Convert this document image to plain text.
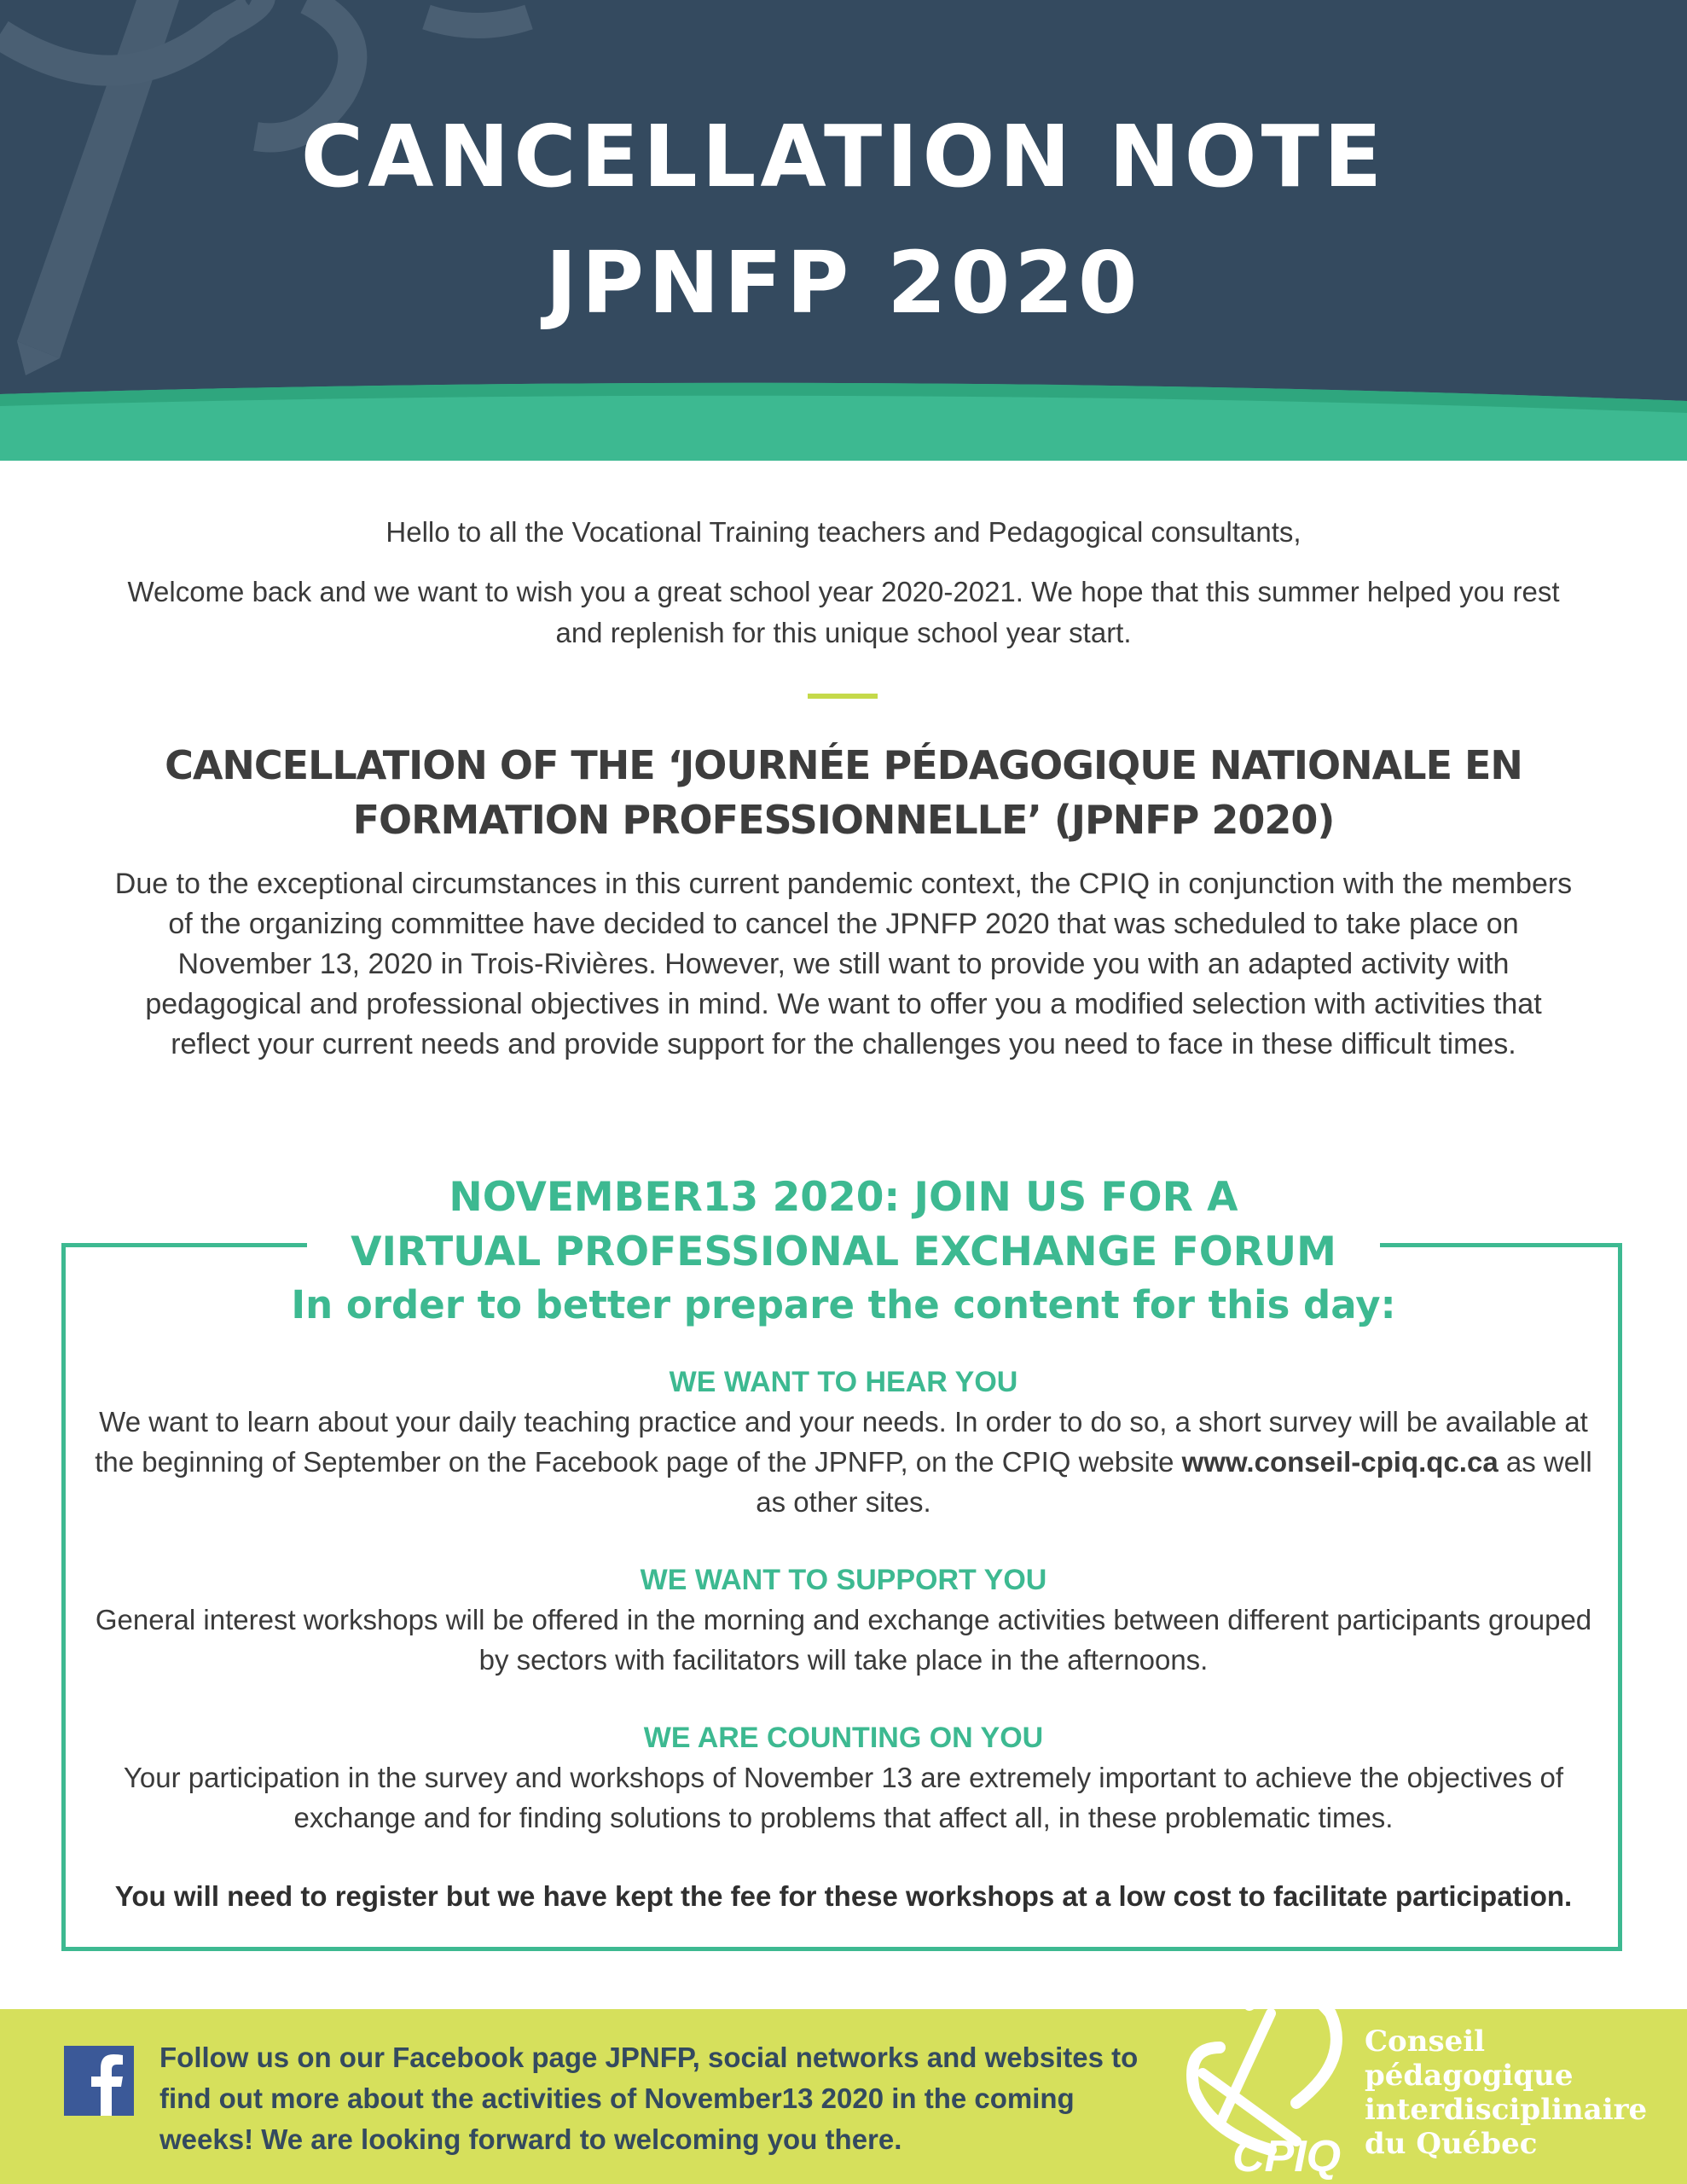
CANCELLATION NOTE
JPNFP 2020

Hello to all the Vocational Training teachers and Pedagogical consultants,

Welcome back and we want to wish you a great school year 2020-2021. We hope that this summer helped you rest and replenish for this unique school year start.

CANCELLATION OF THE ‘JOURNÉE PÉDAGOGIQUE NATIONALE EN FORMATION PROFESSIONNELLE’ (JPNFP 2020)

Due to the exceptional circumstances in this current pandemic context, the CPIQ in conjunction with the members of the organizing committee have decided to cancel the JPNFP 2020 that was scheduled to take place on November 13, 2020 in Trois-Rivières. However, we still want to provide you with an adapted activity with pedagogical and professional objectives in mind. We want to offer you a modified selection with activities that reflect your current needs and provide support for the challenges you need to face in these difficult times.

NOVEMBER13 2020: JOIN US FOR A
VIRTUAL PROFESSIONAL EXCHANGE FORUM
In order to better prepare the content for this day:
WE WANT TO HEAR YOU

We want to learn about your daily teaching practice and your needs. In order to do so, a short survey will be available at the beginning of September on the Facebook page of the JPNFP, on the CPIQ website www.conseil-cpiq.qc.ca as well as other sites.

WE WANT TO SUPPORT YOU

General interest workshops will be offered in the morning and exchange activities between different participants grouped by sectors with facilitators will take place in the afternoons.

WE ARE COUNTING ON YOU

Your participation in the survey and workshops of November 13 are extremely important to achieve the objectives of exchange and for finding solutions to problems that affect all, in these problematic times.

You will need to register but we have kept the fee for these workshops at a low cost to facilitate participation.

Follow us on our Facebook page JPNFP, social networks and websites to find out more about the activities of November13 2020 in the coming weeks! We are looking forward to welcoming you there.	CPIQ

Conseil
pédagogique
interdisciplinaire
du Québec
